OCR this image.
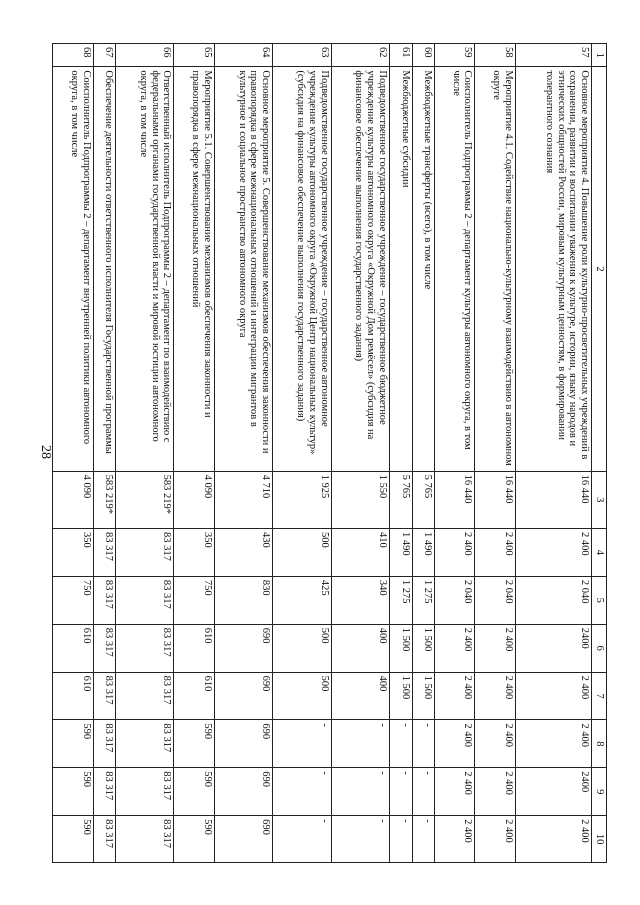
28
1	2	3	4	5	6	7	8	9	10
57	Основное мероприятие 4. Повышение роли культурно-просветительных учреждений в сохранении, развитии и воспитании уважения к культуре, истории, языку народов и этнических общностей России, мировым культурным ценностям, в формировании толерантного сознания	16 440	2 400	2 040	2400	2 400	2 400	2400	2 400
58	Мероприятие 4.1. Содействие национально-культурному взаимодействию в автономном округе	16 440	2 400	2 040	2 400	2 400	2 400	2 400	2 400
59	Соисполнитель Подпрограммы 2 – департамент культуры автономного округа, в том числе	16 440	2 400	2 040	2 400	2 400	2 400	2 400	2 400
60	Межбюджетные трансферты (всего), в том числе	5 765	1 490	1 275	1 500	1 500	-	-	-
61	Межбюджетные субсидии	5 765	1 490	1 275	1 500	1 500	-	-	-
62	Подведомственное государственное учреждение – государственное бюджетное учреждение культуры автономного округа «Окружной Дом ремёсел» (субсидия на финансовое обеспечение выполнения государственного задания)	1 550	410	340	400	400	-	-	-
63	Подведомственное государственное учреждение – государственное автономное учреждение культуры автономного округа «Окружной Центр национальных культур» (субсидия на финансовое обеспечение выполнения государственного задания)	1 925	500	425	500	500	-	-	-
64	Основное мероприятие 5. Совершенствование механизмов обеспечения законности и правопорядка в сфере межнациональных отношений и интеграции мигрантов в культурное и социальное пространство автономного округа	4 710	430	830	690	690	690	690	690
65	Мероприятие 5.1. Совершенствование механизмов обеспечения законности и правопорядка в сфере межнациональных отношений	4 090	350	750	610	610	590	590	590
66	Ответственный исполнитель Подпрограммы 2 – департамент по взаимодействию с федеральными органами государственной власти и мировой юстиции автономного округа, в том числе	583 219*	83 317	83 317	83 317	83 317	83 317	83 317	83 317
67	Обеспечение деятельности ответственного исполнителя Государственной программы	583 219*	83 317	83 317	83 317	83 317	83 317	83 317	83 317
68	Соисполнитель Подпрограммы 2 – департамент внутренней политики автономного округа, в том числе	4 090	350	750	610	610	590	590	590
